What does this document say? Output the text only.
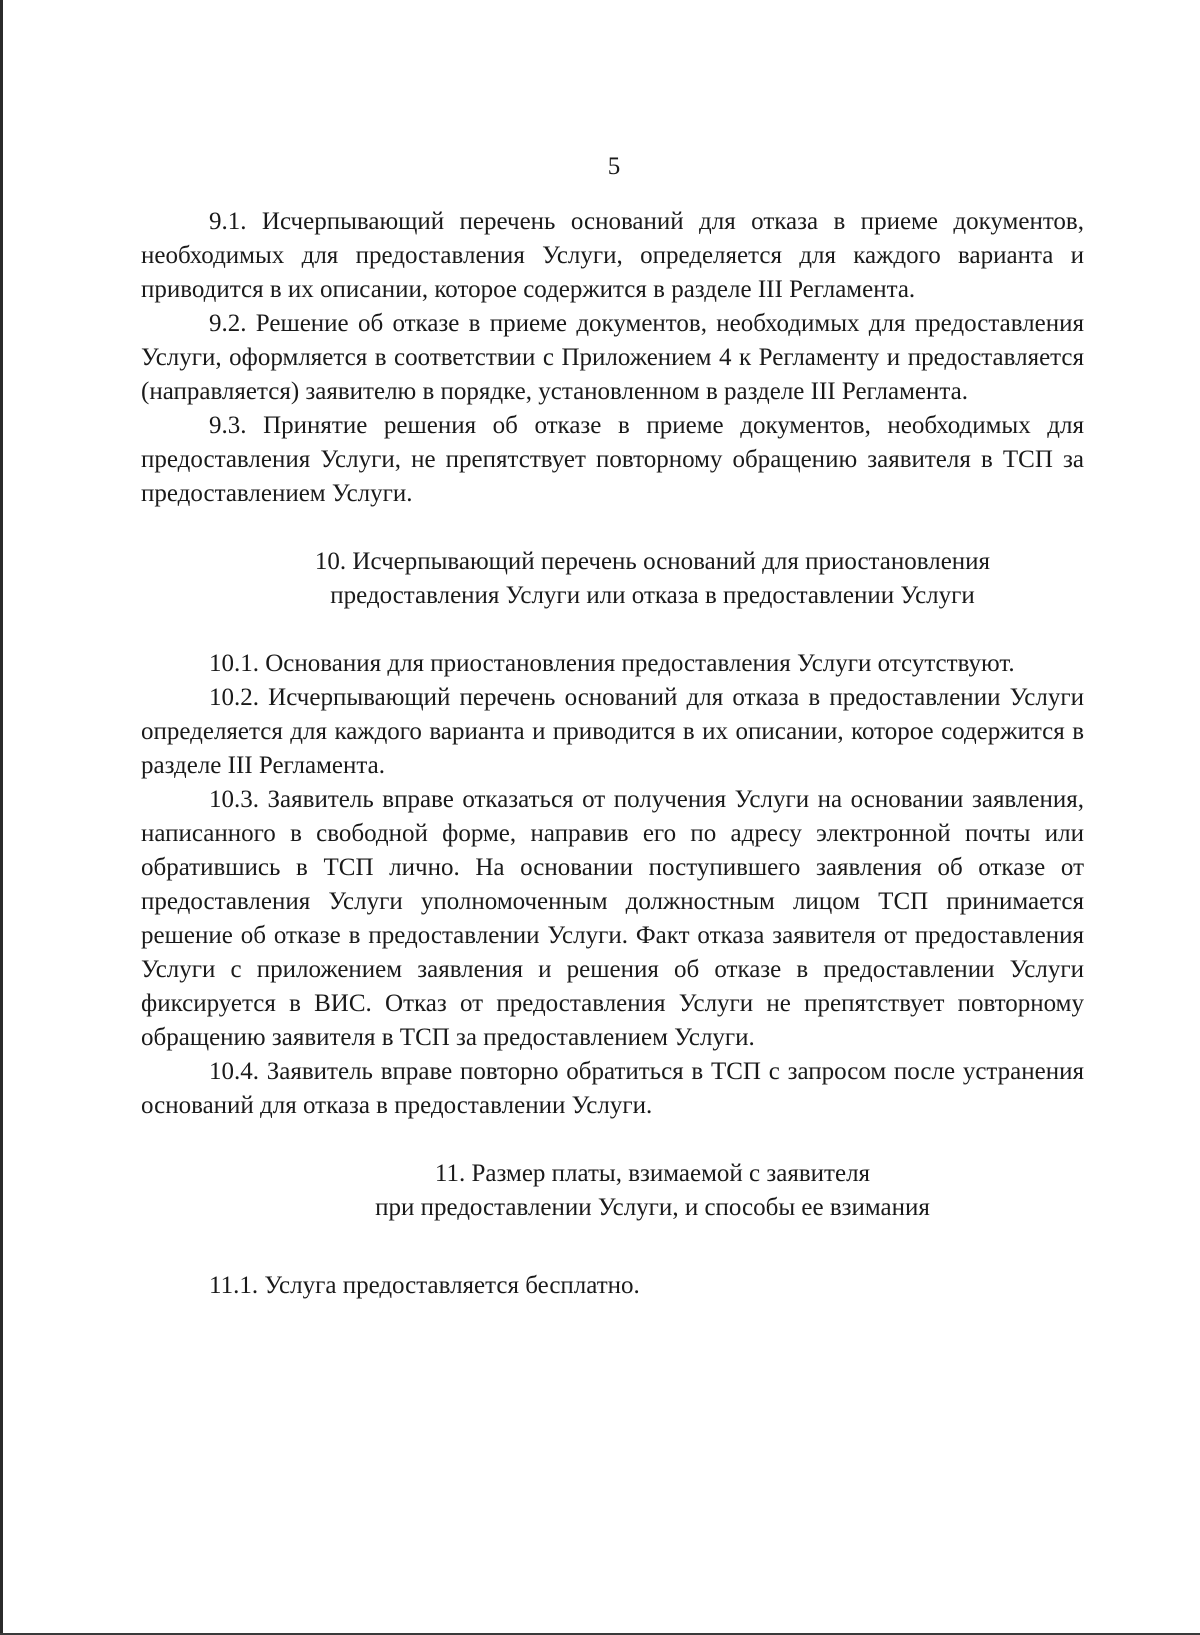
5

9.1. Исчерпывающий перечень оснований для отказа в приеме документов, необходимых для предоставления Услуги, определяется для каждого варианта и приводится в их описании, которое содержится в разделе III Регламента.

9.2. Решение об отказе в приеме документов, необходимых для предоставления Услуги, оформляется в соответствии с Приложением 4 к Регламенту и предоставляется (направляется) заявителю в порядке, установленном в разделе III Регламента.

9.3. Принятие решения об отказе в приеме документов, необходимых для предоставления Услуги, не препятствует повторному обращению заявителя в ТСП за предоставлением Услуги.

10. Исчерпывающий перечень оснований для приостановления
предоставления Услуги или отказа в предоставлении Услуги

10.1. Основания для приостановления предоставления Услуги отсутствуют.

10.2. Исчерпывающий перечень оснований для отказа в предоставлении Услуги определяется для каждого варианта и приводится в их описании, которое содержится в разделе III Регламента.

10.3. Заявитель вправе отказаться от получения Услуги на основании заявления, написанного в свободной форме, направив его по адресу электронной почты или обратившись в ТСП лично. На основании поступившего заявления об отказе от предоставления Услуги уполномоченным должностным лицом ТСП принимается решение об отказе в предоставлении Услуги. Факт отказа заявителя от предоставления Услуги с приложением заявления и решения об отказе в предоставлении Услуги фиксируется в ВИС. Отказ от предоставления Услуги не препятствует повторному обращению заявителя в ТСП за предоставлением Услуги.

10.4. Заявитель вправе повторно обратиться в ТСП с запросом после устранения оснований для отказа в предоставлении Услуги.

11. Размер платы, взимаемой с заявителя
при предоставлении Услуги, и способы ее взимания

11.1. Услуга предоставляется бесплатно.
